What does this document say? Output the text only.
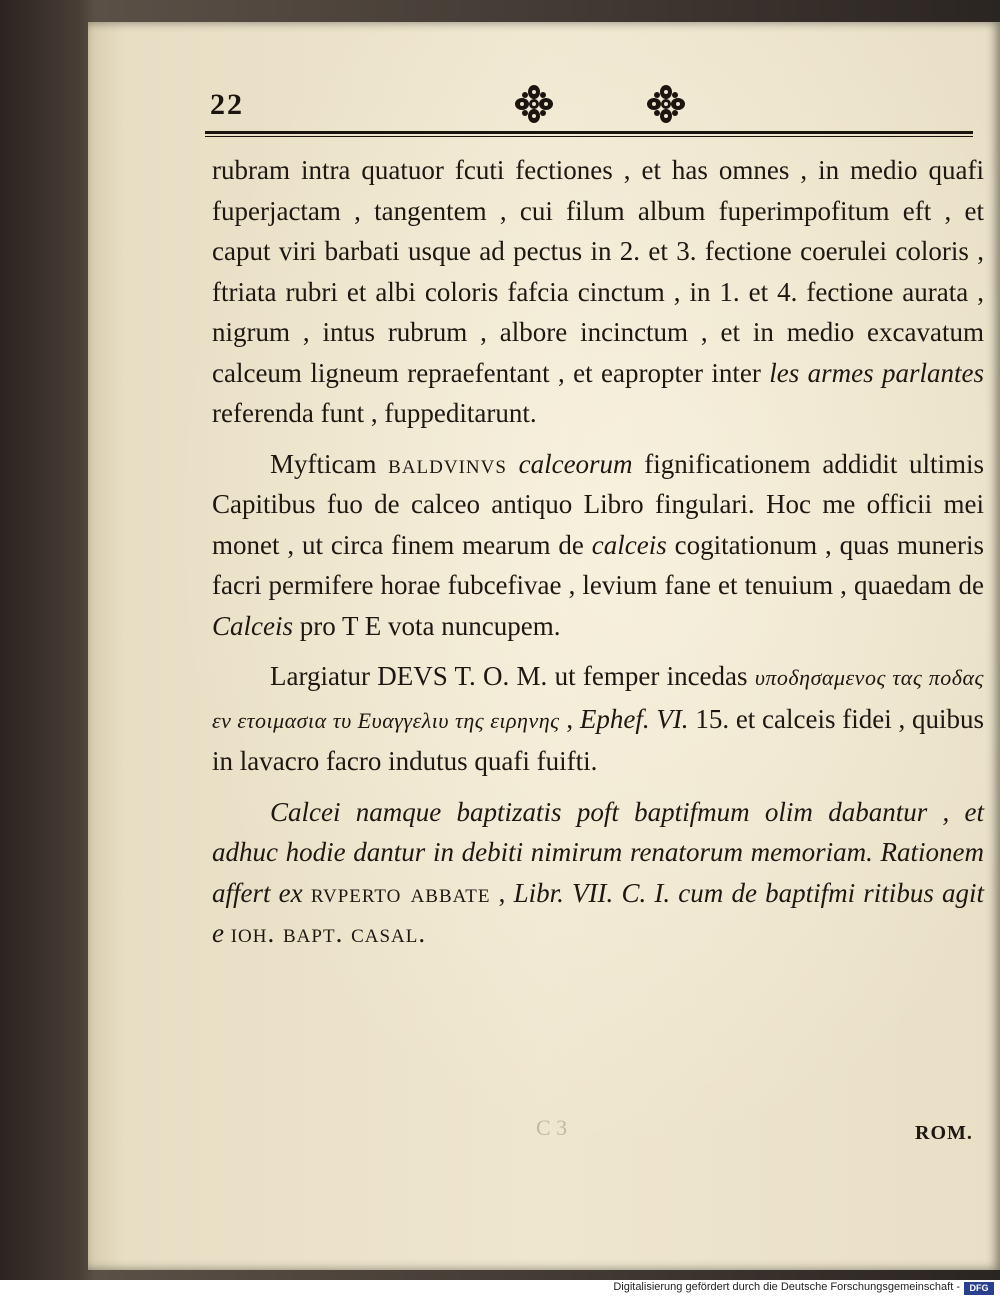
22

rubram intra quatuor fcuti fectiones , et has omnes , in medio quafi fuperjactam , tangentem , cui filum album fuperimpofitum eft , et caput viri barbati usque ad pectus in 2. et 3. fectione coerulei coloris , ftriata rubri et albi coloris fafcia cinctum , in 1. et 4. fectione aurata , nigrum , intus rubrum , albore incinctum , et in medio excavatum calceum ligneum repraefentant , et eapropter inter les armes parlantes referenda funt , fuppeditarunt.

Myfticam baldvinvs calceorum fignificationem addidit ultimis Capitibus fuo de calceo antiquo Libro fingulari. Hoc me officii mei monet , ut circa finem mearum de calceis cogitationum , quas muneris facri permifere horae fubcefivae , levium fane et tenuium , quaedam de Calceis pro T E vota nuncupem.

Largiatur DEVS T. O. M. ut femper incedas υποδησαμενος τας ποδας εν ετοιμασια τυ Ευαγγελιυ της ειρηνης , Ephef. VI. 15. et calceis fidei , quibus in lavacro facro indutus quafi fuifti.

Calcei namque baptizatis poft baptifmum olim dabantur , et adhuc hodie dantur in debiti nimirum renatorum memoriam. Rationem affert ex rvperto abbate , Libr. VII. C. I. cum de baptifmi ritibus agit e ioh. bapt. casal.

C 3	ROM.
Digitalisierung gefördert durch die Deutsche Forschungsgemeinschaft -	DFG
